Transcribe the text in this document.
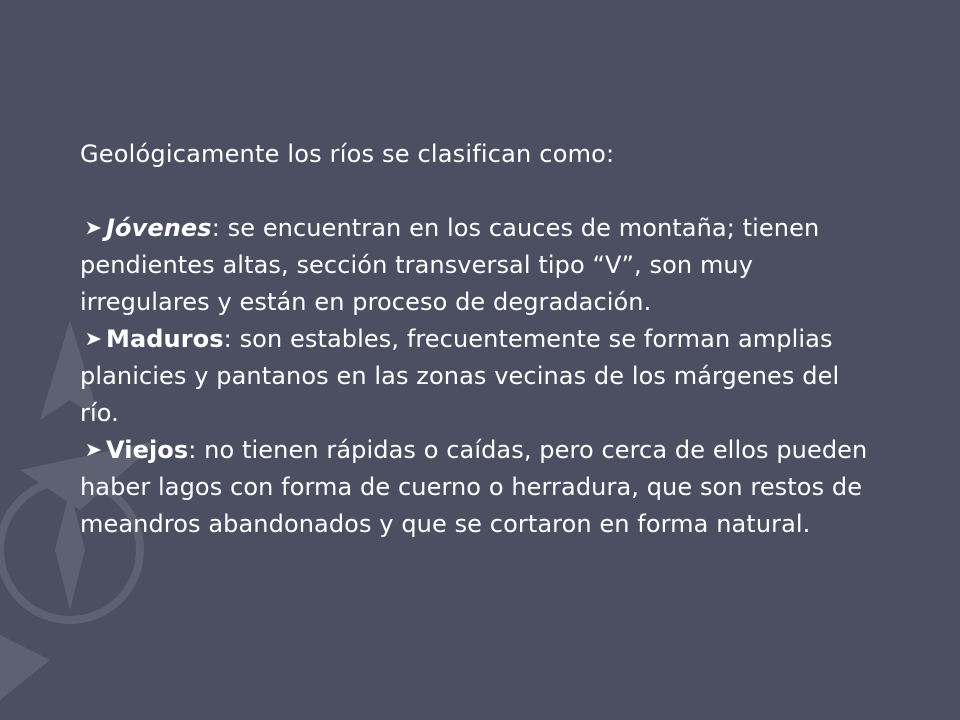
Geológicamente los ríos se clasifican como:

Jóvenes: se encuentran en los cauces de montaña; tienen pendientes altas, sección transversal tipo “V”, son muy irregulares y están en proceso de degradación.

Maduros: son estables, frecuentemente se forman amplias planicies y pantanos en las zonas vecinas de los márgenes del río.

Viejos: no tienen rápidas o caídas, pero cerca de ellos pueden haber lagos con forma de cuerno o herradura, que son restos de meandros abandonados y que se cortaron en forma natural.
